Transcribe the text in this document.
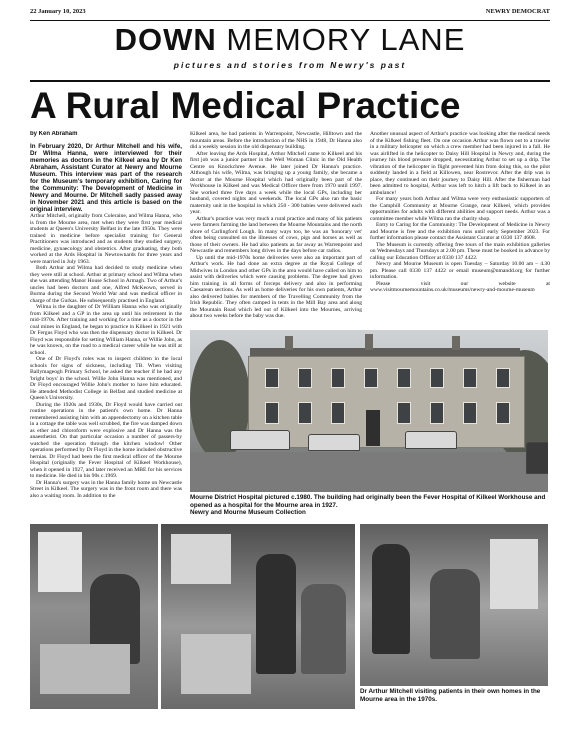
22 January 10, 2023	NEWRY DEMOCRAT
DOWN MEMORY LANE
pictures and stories from Newry's past
A Rural Medical Practice
by Ken Abraham

In February 2020, Dr Arthur Mitchell and his wife, Dr Wilma Hanna, were interviewed for their memories as doctors in the Kilkeel area by Dr Ken Abraham, Assistant Curator at Newry and Mourne Museum. This interview was part of the research for the Museum's temporary exhibition, Caring for the Community: The Development of Medicine in Newry and Mourne. Dr Mitchell sadly passed away in November 2021 and this article is based on the original interview.

Arthur Mitchell, originally from Coleraine, and Wilma Hanna, who is from the Mourne area, met when they were first year medical students at Queen's University Belfast in the late 1950s. They were trained in medicine before specialist training for General Practitioners was introduced and as students they studied surgery, medicine, gynaecology and obstetrics. After graduating, they both worked at the Ards Hospital in Newtownards for three years and were married in July 1963.

Both Arthur and Wilma had decided to study medicine when they were still at school. Arthur at primary school and Wilma when she was attending Manor House School in Armagh. Two of Arthur's uncles had been doctors and one, Alfred McKeown, served in Burma during the Second World War and was medical officer in charge of the Gurkas. He subsequently practised in England.

Wilma is the daughter of Dr William Hanna who was originally from Kilkeel and a GP in the area up until his retirement in the mid-1970s. After training and working for a time as a doctor in the coal mines in England, he began to practice in Kilkeel in 1921 with Dr Fergus Floyd who was then the dispensary doctor in Kilkeel. Dr Floyd was responsible for setting William Hanna, or Willie John, as he was known, on the road to a medical career while he was still at school.

One of Dr Floyd's roles was to inspect children in the local schools for signs of sickness, including TB. When visiting Ballymageogh Primary School, he asked the teacher if he had any 'bright boys' in the school. Willie John Hanna was mentioned, and Dr Floyd encouraged Willie John's mother to have him educated. He attended Methodist College in Belfast and studied medicine at Queen's University.

During the 1920s and 1930s, Dr Floyd would have carried out routine operations in the patient's own home. Dr Hanna remembered assisting him with an appendectomy on a kitchen table in a cottage the table was well scrubbed, the fire was damped down as ether and chloroform were explosive and Dr Hanna was the anaesthetist. On that particular occasion a number of passers-by watched the operation through the kitchen window! Other operations performed by Dr Floyd in the home included obstructive hernias. Dr Floyd had been the first medical officer of the Mourne Hospital (originally the Fever Hospital of Kilkeel Workhouse), when it opened in 1927, and later received an MBE for his services to medicine. He died in his 90s c.1969.

Dr Hanna's surgery was in the Hanna family home on Newcastle Street in Kilkeel. The surgery was in the front room and there was also a waiting room. In addition to the

Kilkeel area, he had patients in Warrenpoint, Newcastle, Hilltown and the mountain areas. Before the introduction of the NHS in 1948, Dr Hanna also did a weekly session in the old dispensary building.

After leaving the Ards Hospital, Arthur Mitchell came to Kilkeel and his first job was a junior partner in the Well Woman Clinic in the Old Health Centre on Knockchree Avenue. He later joined Dr Hanna's practice. Although his wife, Wilma, was bringing up a young family, she became a doctor at the Mourne Hospital which had originally been part of the Workhouse in Kilkeel and was Medical Officer there from 1970 until 1997. She worked three five days a week while the local GPs, including her husband, covered nights and weekends. The local GPs also ran the basic maternity unit in the hospital in which 250 - 300 babies were delivered each year.

Arthur's practice was very much a rural practice and many of his patients were farmers farming the land between the Mourne Mountains and the north shore of Carlingford Lough. In many ways too, he was an 'honorary vet' often being consulted on the illnesses of cows, pigs and horses as well as those of their owners. He had also patients as far away as Warrenpoint and Newcastle and remembers long drives in the days before car radios.

Up until the mid-1970s home deliveries were also an important part of Arthur's work. He had done an extra degree at the Royal College of Midwives in London and other GPs in the area would have called on him to assist with deliveries which were causing problems. The degree had given him training in all forms of forceps delivery and also in performing Caesarean sections. As well as home deliveries for his own patients, Arthur also delivered babies for members of the Travelling Community from the Irish Republic. They often camped in tents in the Mill Bay area and along the Mountain Road which led out of Kilkeel into the Mournes, arriving about two weeks before the baby was due.

Another unusual aspect of Arthur's practice was looking after the medical needs of the Kilkeel fishing fleet. On one occasion Arthur was flown out to a trawler in a military helicopter on which a crew member had been injured in a fall. He was airlifted in the helicopter to Daisy Hill Hospital in Newry and, during the journey his blood pressure dropped, necessitating Arthur to set up a drip. The vibration of the helicopter in flight prevented him from doing this, so the pilot suddenly landed in a field at Killowen, near Rostrevor. After the drip was in place, they continued on their journey to Daisy Hill. After the fisherman had been admitted to hospital, Arthur was left to hitch a lift back to Kilkeel in an ambulance!

For many years both Arthur and Wilma were very enthusiastic supporters of the Camphill Community at Mourne Grange, near Kilkeel, which provides opportunities for adults with different abilities and support needs. Arthur was a committee member while Wilma ran the charity shop.

Entry to Caring for the Community: The Development of Medicine in Newry and Mourne is free and the exhibition runs until early September 2023. For further information please contact the Assistant Curator at 0330 137 4608.

The Museum is currently offering free tours of the main exhibition galleries on Wednesdays and Thursdays at 2.00 pm. These must be booked in advance by calling our Education Officer at 0330 137 4422.

Newry and Mourne Museum is open Tuesday – Saturday 10.00 am – 4.30 pm. Please call 0330 137 4422 or email museum@nmandd.org for further information.

Please visit our website at www.visitmournemountains.co.uk/museums/newry-and-mourne-museum

Mourne District Hospital pictured c.1980. The building had originally been the Fever Hospital of Kilkeel Workhouse and opened as a hospital for the Mourne area in 1927.
Newry and Mourne Museum Collection
Dr Arthur Mitchell visiting patients in their own homes in the Mourne area in the 1970s.
